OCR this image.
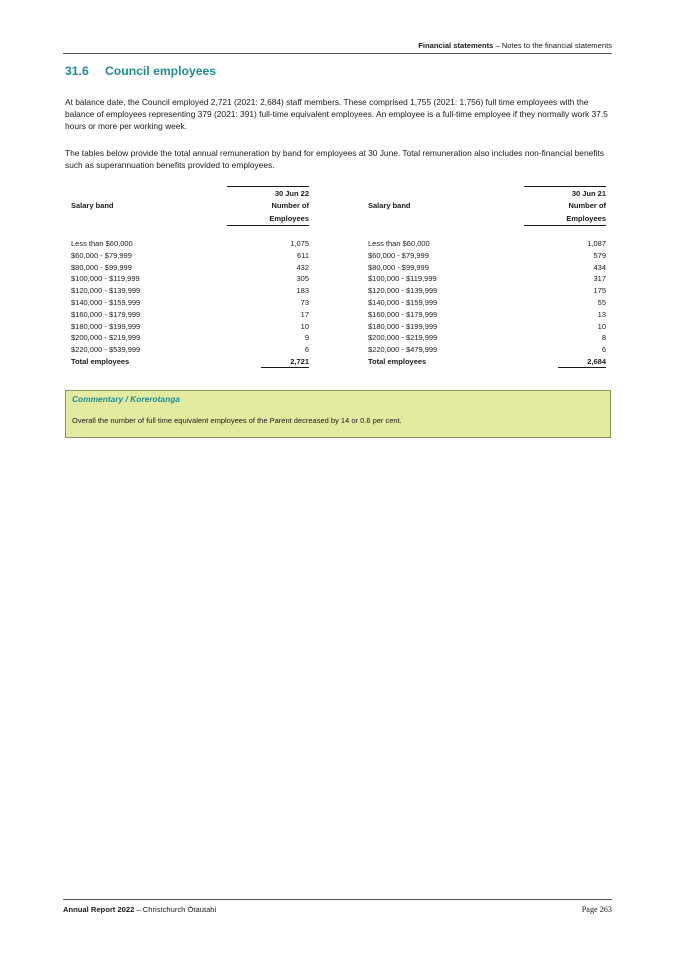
Financial statements – Notes to the financial statements
31.6 Council employees

At balance date, the Council employed 2,721 (2021: 2,684) staff members. These comprised 1,755 (2021: 1,756) full time employees with the balance of employees representing 379 (2021: 391) full-time equivalent employees. An employee is a full-time employee if they normally work 37.5 hours or more per working week.

The tables below provide the total annual remuneration by band for employees at 30 June. Total remuneration also includes non-financial benefits such as superannuation benefits provided to employees.

Salary band
30 Jun 22
Number of
Employees
Less than $60,000	1,075
$60,000 - $79,999	611
$80,000 - $99,999	432
$100,000 - $119,999	305
$120,000 - $139,999	183
$140,000 - $159,999	73
$160,000 - $179,999	17
$180,000 - $199,999	10
$200,000 - $219,999	9
$220,000 - $539,999	6
Total employees	2,721
Salary band
30 Jun 21
Number of
Employees
Less than $60,000	1,087
$60,000 - $79,999	579
$80,000 - $99,999	434
$100,000 - $119,999	317
$120,000 - $139,999	175
$140,000 - $159,999	55
$160,000 - $179,999	13
$180,000 - $199,999	10
$200,000 - $219,999	8
$220,000 - $479,999	6
Total employees	2,684
Commentary / Korerotanga
Overall the number of full time equivalent employees of the Parent decreased by 14 or 0.6 per cent.
Annual Report 2022 – Christchurch Ōtautahi	Page 263
